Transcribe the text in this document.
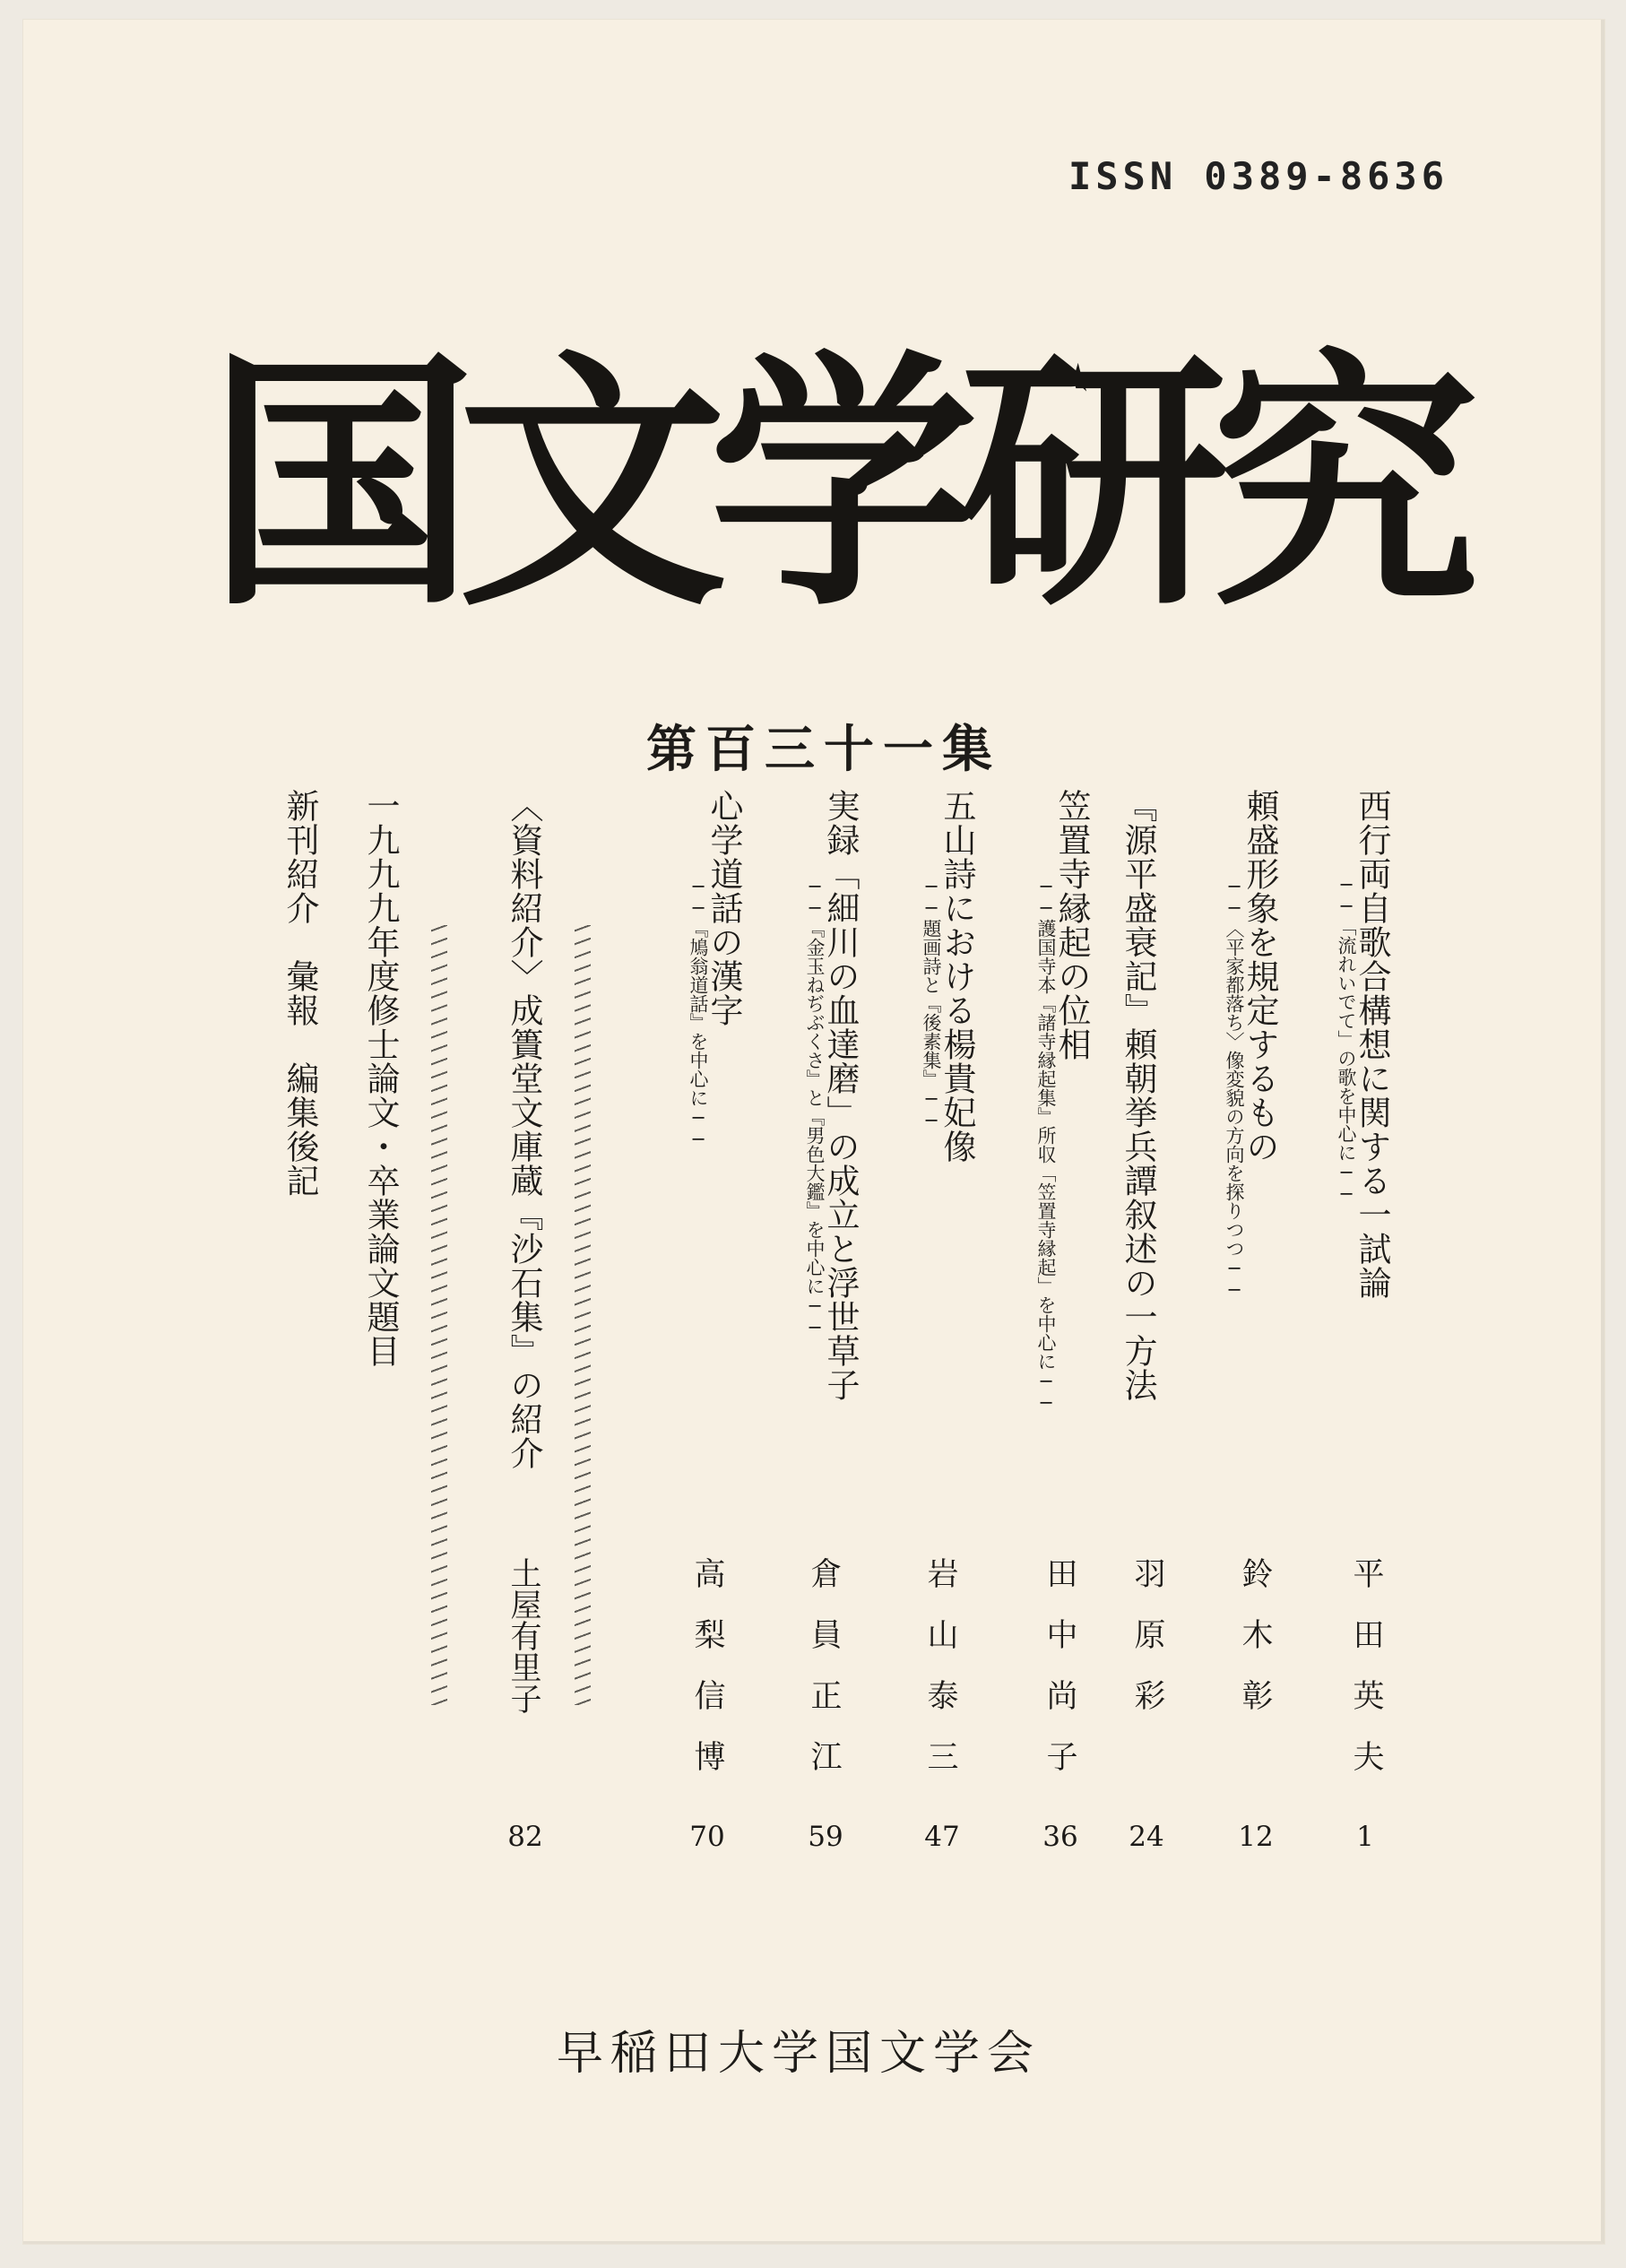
ISSN 0389-8636
国
文
学
研
究
第百三十一集
西行両自歌合構想に関する一試論
──「流れいでて」の歌を中心に──
頼盛形象を規定するもの
──〈平家都落ち〉像変貌の方向を探りつつ──
『源平盛衰記』頼朝挙兵譚叙述の一方法
笠置寺縁起の位相
──護国寺本『諸寺縁起集』所収「笠置寺縁起」を中心に──
五山詩における楊貴妃像
──題画詩と『後素集』──
実録「細川の血達磨」の成立と浮世草子
──『金玉ねぢぶくさ』と『男色大鑑』を中心に──
心学道話の漢字
──『鳩翁道話』を中心に──
〈資料紹介〉成簣堂文庫蔵『沙石集』の紹介
一九九九年度修士論文・卒業論文題目
新刊紹介　彙報　編集後記
平田英夫
鈴木彰
羽原彩
田中尚子
岩山泰三
倉員正江
高梨信博
土屋有里子
1
12
24
36
47
59
70
82
早稲田大学国文学会
